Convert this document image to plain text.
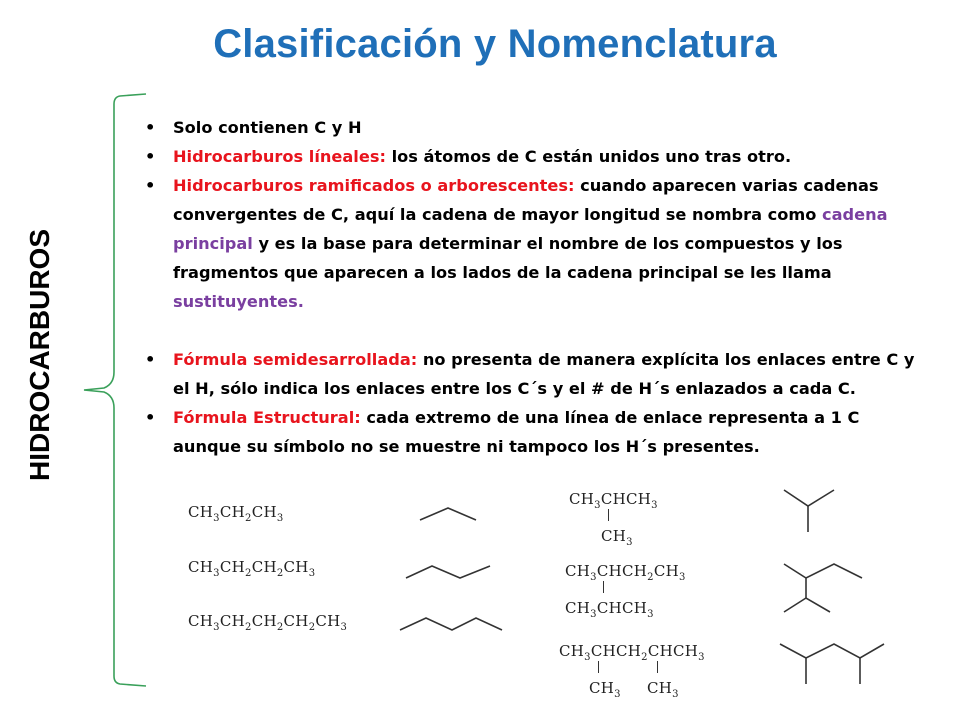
Clasificación y Nomenclatura
HIDROCARBUROS
• Solo contienen C y H
• Hidrocarburos líneales: los átomos de C están unidos uno tras otro.
• Hidrocarburos ramificados o arborescentes: cuando aparecen varias cadenas convergentes de C, aquí la cadena de mayor longitud se nombra como cadena principal y es la base para determinar el nombre de los compuestos y los fragmentos que aparecen a los lados de la cadena principal se les llama sustituyentes.
• Fórmula semidesarrollada: no presenta de manera explícita los enlaces entre C y el H, sólo indica los enlaces entre los C´s y el # de H´s enlazados a cada C.
• Fórmula Estructural: cada extremo de una línea de enlace representa a 1 C aunque su símbolo no se muestre ni tampoco los H´s presentes.
$CH_3CH_2CH_3$
$CH_3CH_2CH_2CH_3$
$CH_3CH_2CH_2CH_2CH_3$
$CH_3CHCH_3$
$CH_3$
$CH_3CHCH_2CH_3$
$CH_3CHCH_3$
$CH_3CHCH_2CHCH_3$
$CH_3$ $CH_3$
